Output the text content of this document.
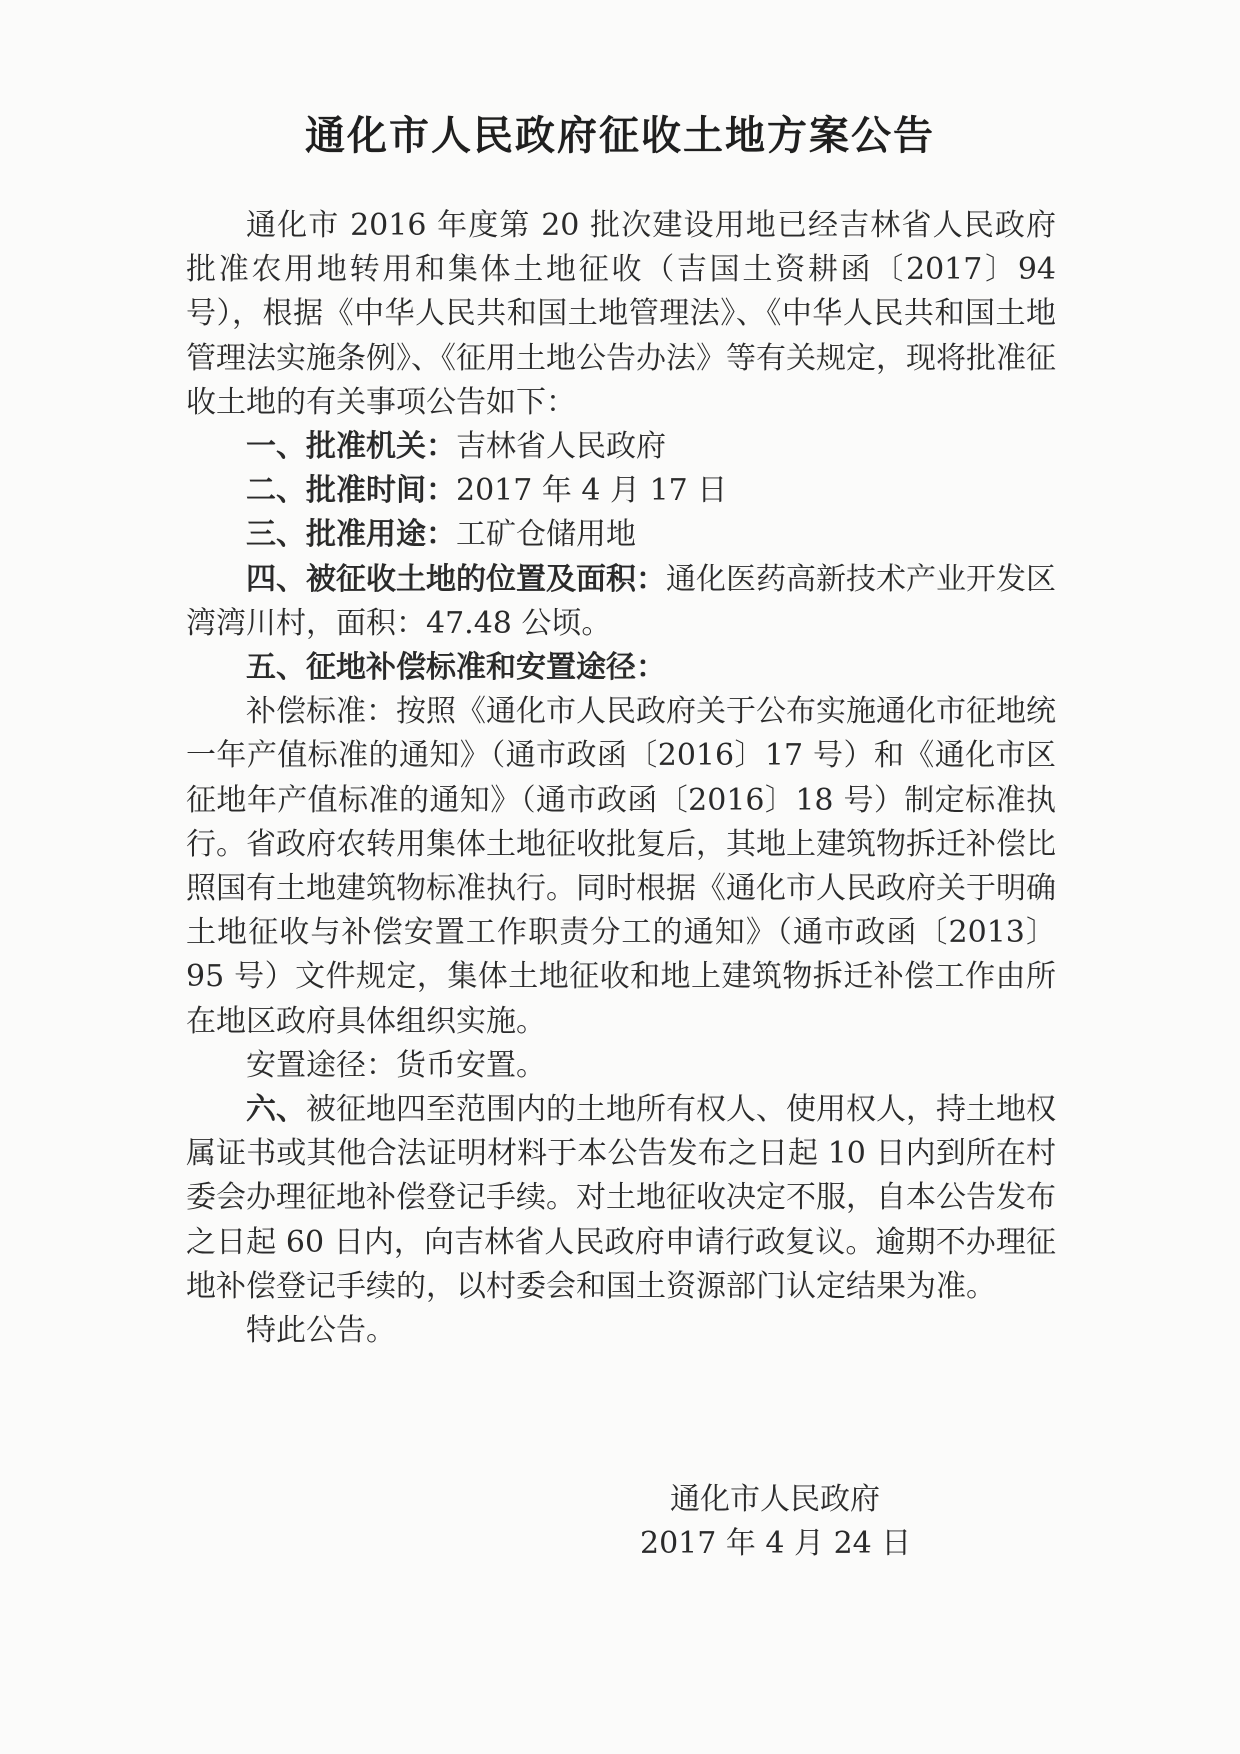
通化市人民政府征收土地方案公告

通化市 2016 年度第 20 批次建设用地已经吉林省人民政府批准农用地转用和集体土地征收（吉国土资耕函〔2017〕94 号），根据《中华人民共和国土地管理法》、《中华人民共和国土地管理法实施条例》、《征用土地公告办法》等有关规定，现将批准征收土地的有关事项公告如下：

一、批准机关：吉林省人民政府

二、批准时间：2017 年 4 月 17 日

三、批准用途：工矿仓储用地

四、被征收土地的位置及面积：通化医药高新技术产业开发区湾湾川村，面积：47.48 公顷。

五、征地补偿标准和安置途径：

补偿标准：按照《通化市人民政府关于公布实施通化市征地统一年产值标准的通知》（通市政函〔2016〕17 号）和《通化市区征地年产值标准的通知》（通市政函〔2016〕18 号）制定标准执行。省政府农转用集体土地征收批复后，其地上建筑物拆迁补偿比照国有土地建筑物标准执行。同时根据《通化市人民政府关于明确土地征收与补偿安置工作职责分工的通知》（通市政函〔2013〕95 号）文件规定，集体土地征收和地上建筑物拆迁补偿工作由所在地区政府具体组织实施。

安置途径：货币安置。

六、被征地四至范围内的土地所有权人、使用权人，持土地权属证书或其他合法证明材料于本公告发布之日起 10 日内到所在村委会办理征地补偿登记手续。对土地征收决定不服，自本公告发布之日起 60 日内，向吉林省人民政府申请行政复议。逾期不办理征地补偿登记手续的，以村委会和国土资源部门认定结果为准。

特此公告。

通化市人民政府
2017 年 4 月 24 日
